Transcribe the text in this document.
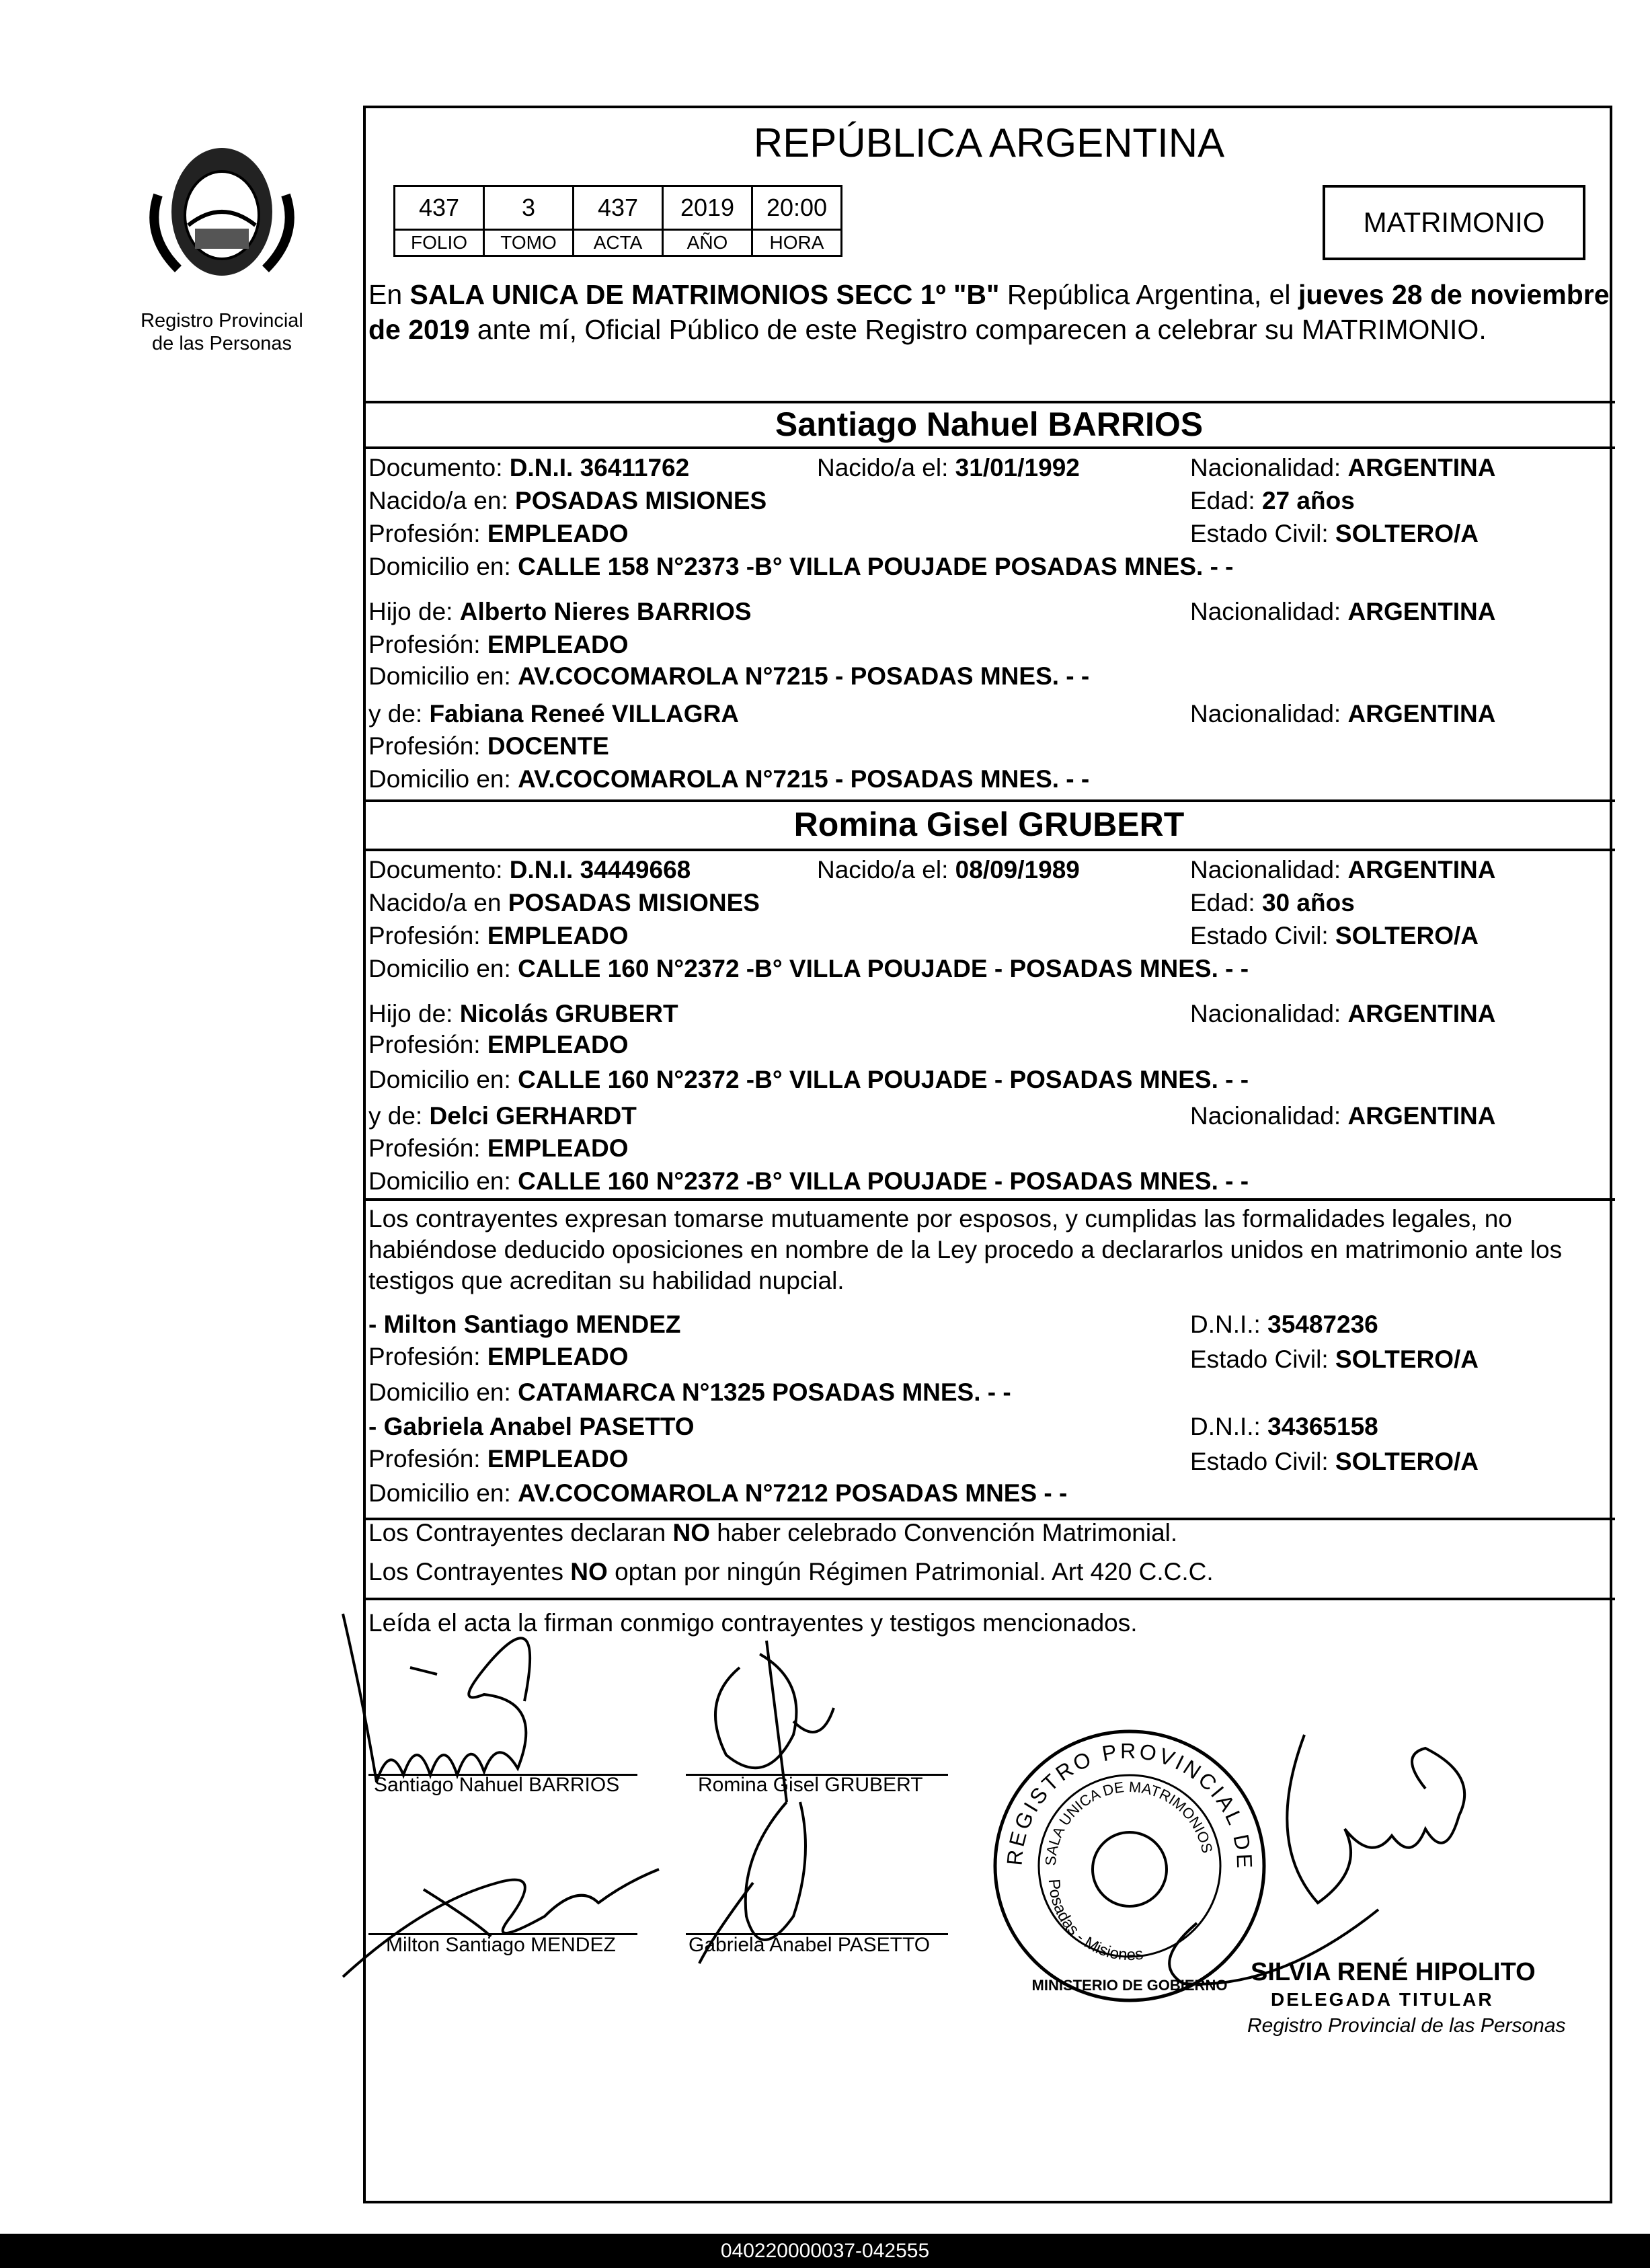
Registro Provincial
de las Personas
REPÚBLICA ARGENTINA
437	3	437	2019	20:00
FOLIO	TOMO	ACTA	AÑO	HORA
MATRIMONIO
En SALA UNICA DE MATRIMONIOS SECC 1º "B" República Argentina, el jueves 28 de noviembre de 2019 ante mí, Oficial Público de este Registro comparecen a celebrar su MATRIMONIO.
Santiago Nahuel BARRIOS
Documento: D.N.I. 36411762	Nacido/a el: 31/01/1992	Nacionalidad: ARGENTINA
Nacido/a en: POSADAS MISIONES	Edad: 27 años
Profesión: EMPLEADO	Estado Civil: SOLTERO/A
Domicilio en: CALLE 158 N°2373 -B° VILLA POUJADE POSADAS MNES. - -
Hijo de: Alberto Nieres BARRIOS	Nacionalidad: ARGENTINA
Profesión: EMPLEADO
Domicilio en: AV.COCOMAROLA N°7215 - POSADAS MNES. - -
y de: Fabiana Reneé VILLAGRA	Nacionalidad: ARGENTINA
Profesión: DOCENTE
Domicilio en: AV.COCOMAROLA N°7215 - POSADAS MNES. - -
Romina Gisel GRUBERT
Documento: D.N.I. 34449668	Nacido/a el: 08/09/1989	Nacionalidad: ARGENTINA
Nacido/a en POSADAS MISIONES	Edad: 30 años
Profesión: EMPLEADO	Estado Civil: SOLTERO/A
Domicilio en: CALLE 160 N°2372 -B° VILLA POUJADE - POSADAS MNES. - -
Hijo de: Nicolás GRUBERT	Nacionalidad: ARGENTINA
Profesión: EMPLEADO
Domicilio en: CALLE 160 N°2372 -B° VILLA POUJADE - POSADAS MNES. - -
y de: Delci GERHARDT	Nacionalidad: ARGENTINA
Profesión: EMPLEADO
Domicilio en: CALLE 160 N°2372 -B° VILLA POUJADE - POSADAS MNES. - -
Los contrayentes expresan tomarse mutuamente por esposos, y cumplidas las formalidades legales, no habiéndose deducido oposiciones en nombre de la Ley procedo a declararlos unidos en matrimonio ante los testigos que acreditan su habilidad nupcial.
- Milton Santiago MENDEZ	D.N.I.: 35487236
Profesión: EMPLEADO	Estado Civil: SOLTERO/A
Domicilio en: CATAMARCA N°1325 POSADAS MNES. - -
- Gabriela Anabel PASETTO	D.N.I.: 34365158
Profesión: EMPLEADO	Estado Civil: SOLTERO/A
Domicilio en: AV.COCOMAROLA N°7212 POSADAS MNES - -
Los Contrayentes declaran NO haber celebrado Convención Matrimonial.
Los Contrayentes NO optan por ningún Régimen Patrimonial. Art 420 C.C.C.
Leída el acta la firman conmigo contrayentes y testigos mencionados.
Santiago Nahuel BARRIOS	Romina Gisel GRUBERT
Milton Santiago MENDEZ	Gabriela Anabel PASETTO
REGISTRO PROVINCIAL DE
SALA UNICA DE MATRIMONIOS
Posadas - Misiones
MINISTERIO DE GOBIERNO SILVIA RENÉ HIPOLITO
DELEGADA TITULAR
Registro Provincial de las Personas
040220000037-042555
